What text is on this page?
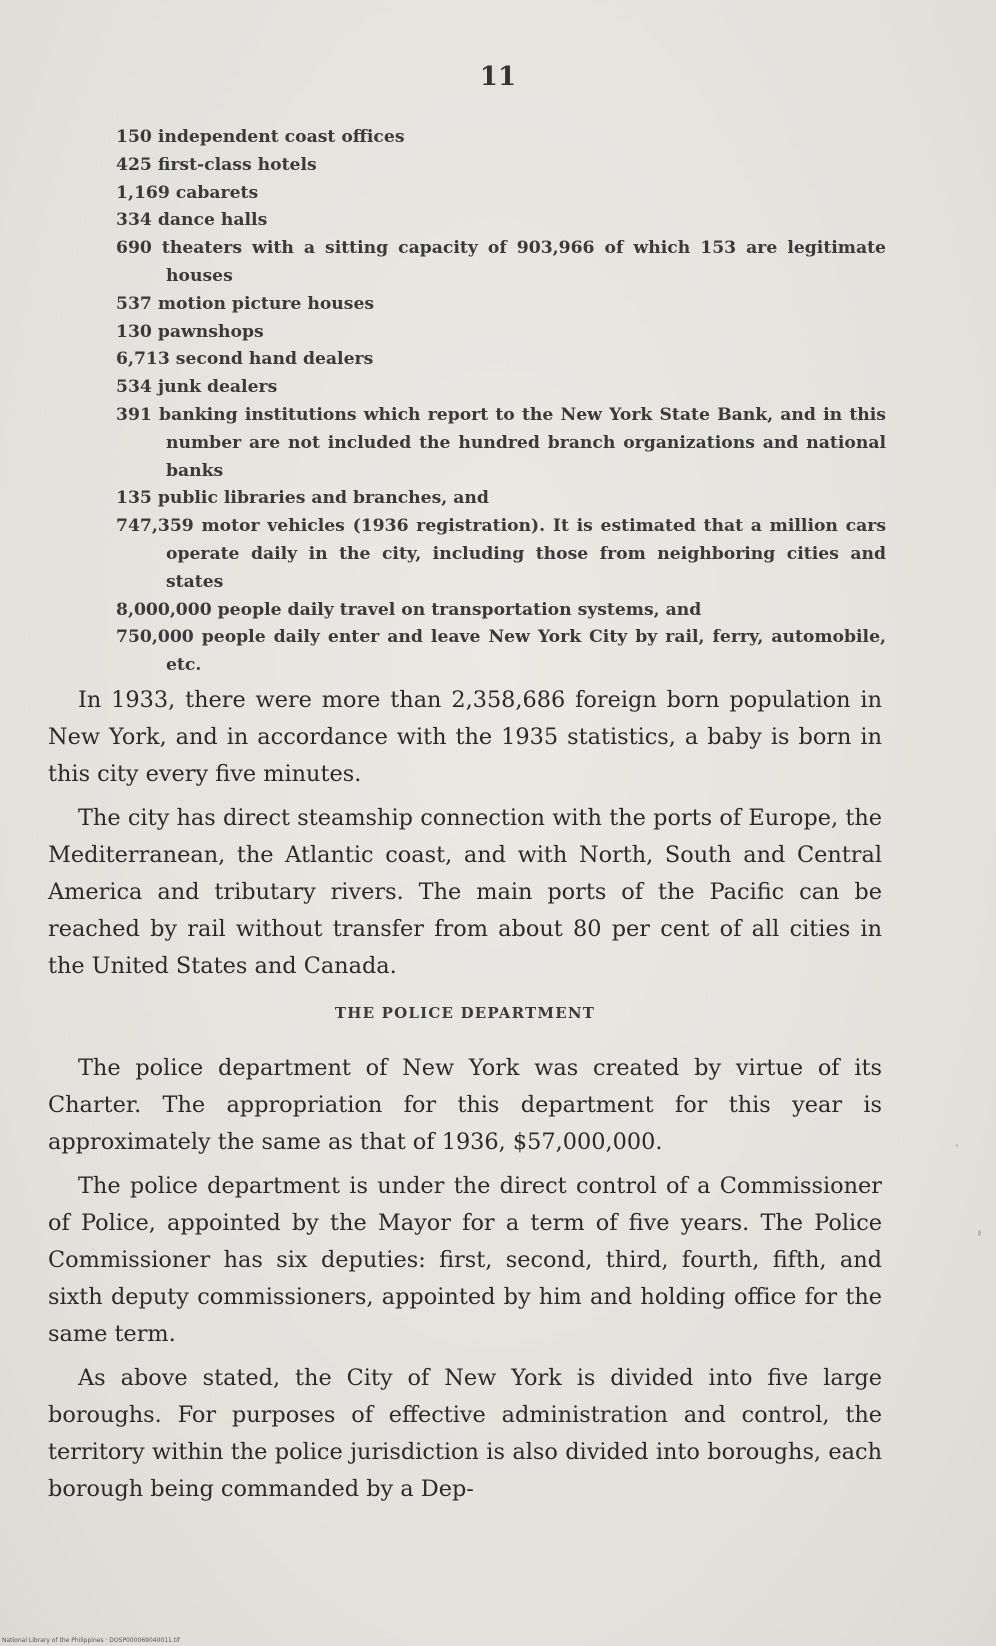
11
150 independent coast offices
425 first-class hotels
1,169 cabarets
334 dance halls
690 theaters with a sitting capacity of 903,966 of which 153 are legitimate houses
537 motion picture houses
130 pawnshops
6,713 second hand dealers
534 junk dealers
391 banking institutions which report to the New York State Bank, and in this number are not included the hundred branch organizations and national banks
135 public libraries and branches, and
747,359 motor vehicles (1936 registration). It is estimated that a million cars operate daily in the city, including those from neighboring cities and states
8,000,000 people daily travel on transportation systems, and
750,000 people daily enter and leave New York City by rail, ferry, automobile, etc.

In 1933, there were more than 2,358,686 foreign born population in New York, and in accordance with the 1935 statistics, a baby is born in this city every five minutes.

The city has direct steamship connection with the ports of Europe, the Mediterranean, the Atlantic coast, and with North, South and Central America and tributary rivers. The main ports of the Pacific can be reached by rail without transfer from about 80 per cent of all cities in the United States and Canada.

THE POLICE DEPARTMENT

The police department of New York was created by virtue of its Charter. The appropriation for this department for this year is approximately the same as that of 1936, $57,000,000.

The police department is under the direct control of a Commissioner of Police, appointed by the Mayor for a term of five years. The Police Commissioner has six deputies: first, second, third, fourth, fifth, and sixth deputy commissioners, appointed by him and holding office for the same term.

As above stated, the City of New York is divided into five large boroughs. For purposes of effective administration and control, the territory within the police jurisdiction is also divided into boroughs, each borough being commanded by a Dep-

National Library of the Philippines · DOSP000069040011.tif
